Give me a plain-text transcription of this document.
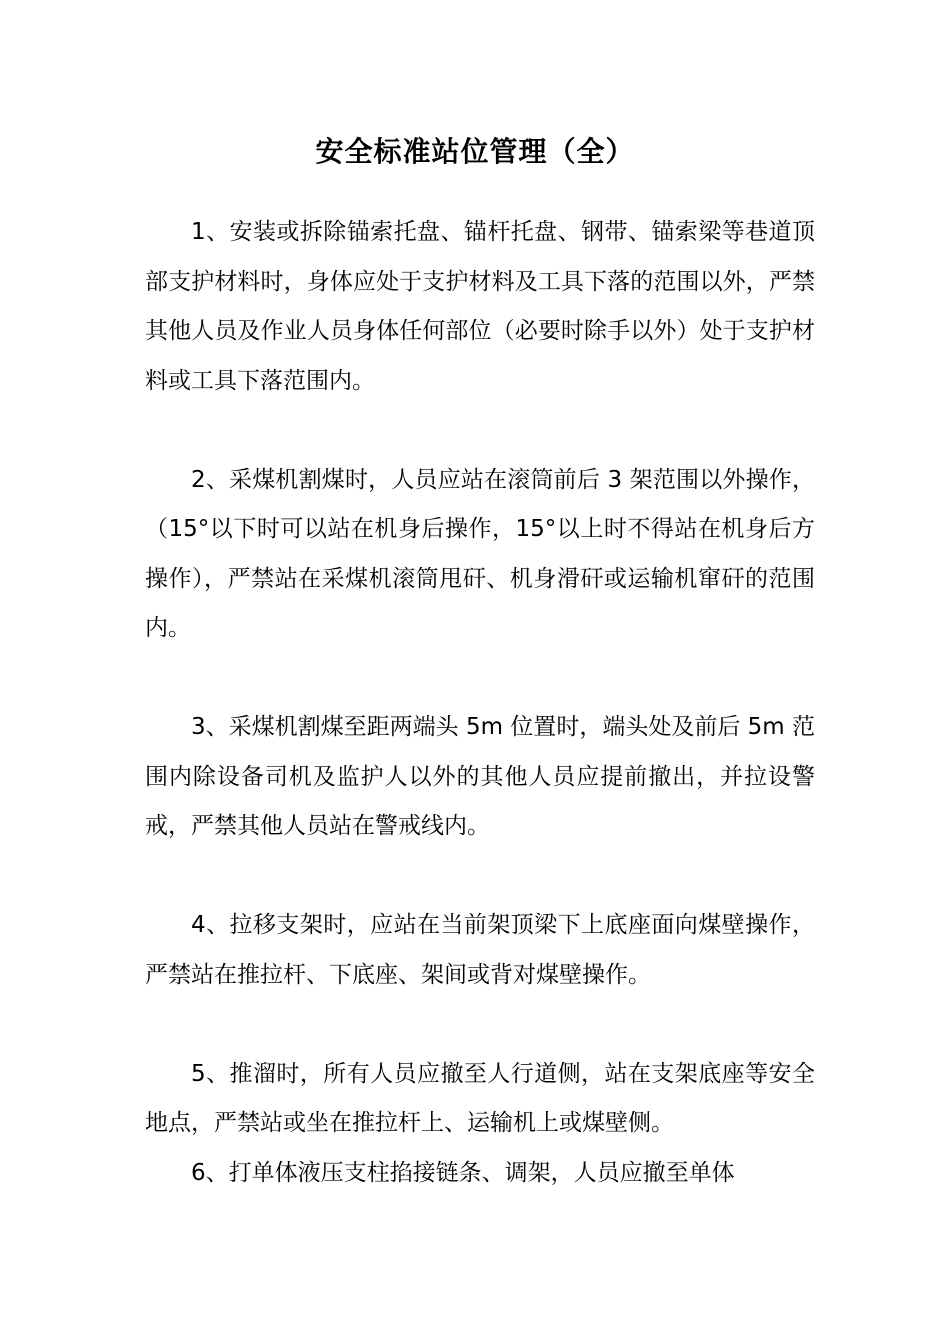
安全标准站位管理（全）

1、安装或拆除锚索托盘、锚杆托盘、钢带、锚索梁等巷道顶部支护材料时，身体应处于支护材料及工具下落的范围以外，严禁其他人员及作业人员身体任何部位（必要时除手以外）处于支护材料或工具下落范围内。

2、采煤机割煤时，人员应站在滚筒前后 3 架范围以外操作，（15°以下时可以站在机身后操作，15°以上时不得站在机身后方操作），严禁站在采煤机滚筒甩矸、机身滑矸或运输机窜矸的范围内。

3、采煤机割煤至距两端头 5m 位置时，端头处及前后 5m 范围内除设备司机及监护人以外的其他人员应提前撤出，并拉设警戒，严禁其他人员站在警戒线内。

4、拉移支架时，应站在当前架顶梁下上底座面向煤壁操作，严禁站在推拉杆、下底座、架间或背对煤壁操作。

5、推溜时，所有人员应撤至人行道侧，站在支架底座等安全地点，严禁站或坐在推拉杆上、运输机上或煤壁侧。

6、打单体液压支柱掐接链条、调架，人员应撤至单体
